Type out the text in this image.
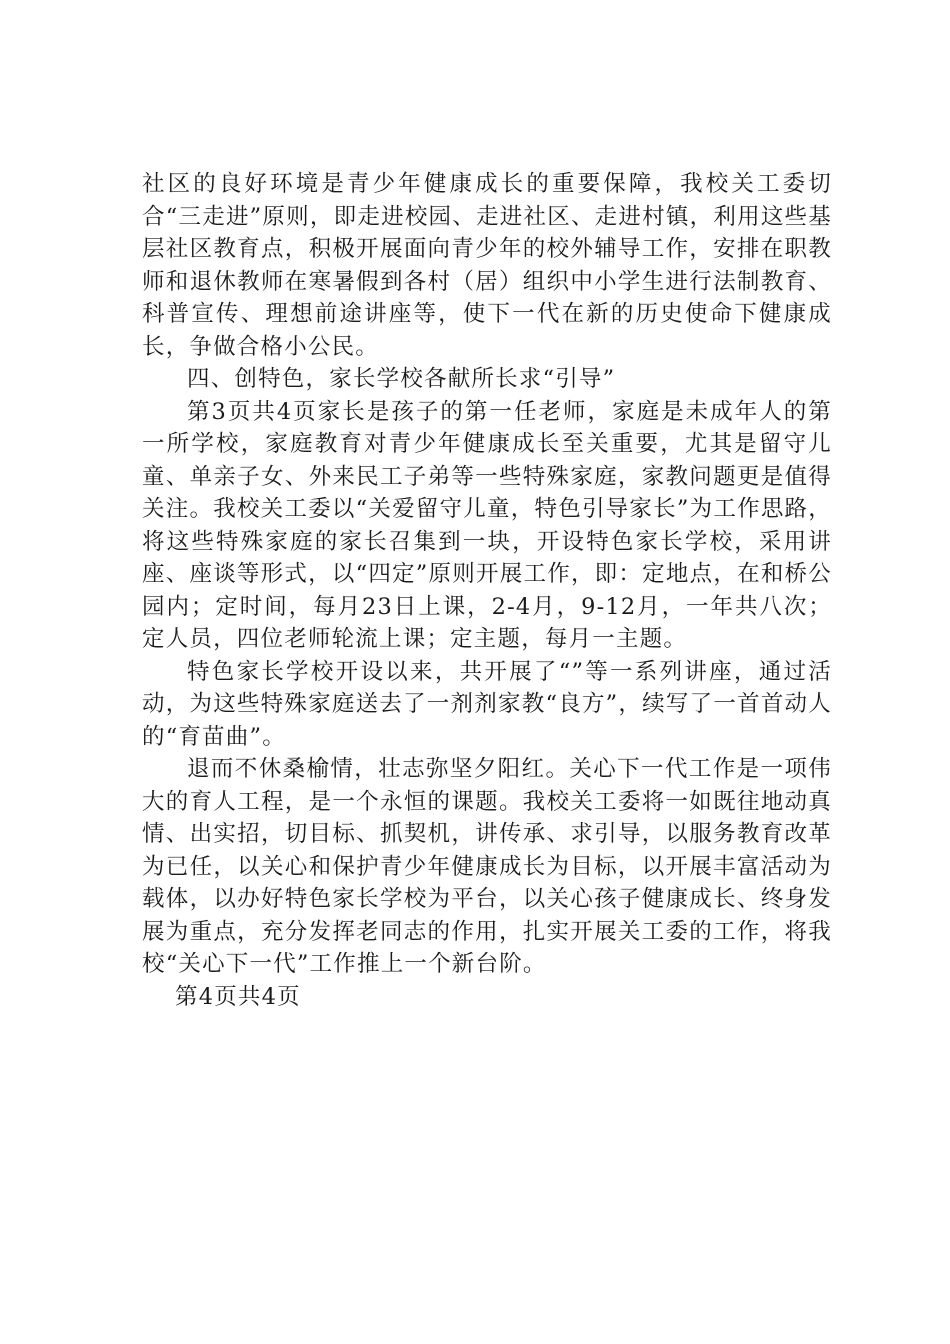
社区的良好环境是青少年健康成长的重要保障，我校关工委切合“三走进”原则，即走进校园、走进社区、走进村镇，利用这些基层社区教育点，积极开展面向青少年的校外辅导工作，安排在职教师和退休教师在寒暑假到各村（居）组织中小学生进行法制教育、科普宣传、理想前途讲座等，使下一代在新的历史使命下健康成长，争做合格小公民。

四、创特色，家长学校各献所长求“引导”

第3页共4页家长是孩子的第一任老师，家庭是未成年人的第一所学校，家庭教育对青少年健康成长至关重要，尤其是留守儿童、单亲子女、外来民工子弟等一些特殊家庭，家教问题更是值得关注。我校关工委以“关爱留守儿童，特色引导家长”为工作思路，将这些特殊家庭的家长召集到一块，开设特色家长学校，采用讲座、座谈等形式，以“四定”原则开展工作，即：定地点，在和桥公园内；定时间，每月23日上课，2-4月，9-12月，一年共八次；定人员，四位老师轮流上课；定主题，每月一主题。

特色家长学校开设以来，共开展了“”等一系列讲座，通过活动，为这些特殊家庭送去了一剂剂家教“良方”，续写了一首首动人的“育苗曲”。

退而不休桑榆情，壮志弥坚夕阳红。关心下一代工作是一项伟大的育人工程，是一个永恒的课题。我校关工委将一如既往地动真情、出实招，切目标、抓契机，讲传承、求引导，以服务教育改革为已任，以关心和保护青少年健康成长为目标，以开展丰富活动为载体，以办好特色家长学校为平台，以关心孩子健康成长、终身发展为重点，充分发挥老同志的作用，扎实开展关工委的工作，将我校“关心下一代”工作推上一个新台阶。

第4页共4页
